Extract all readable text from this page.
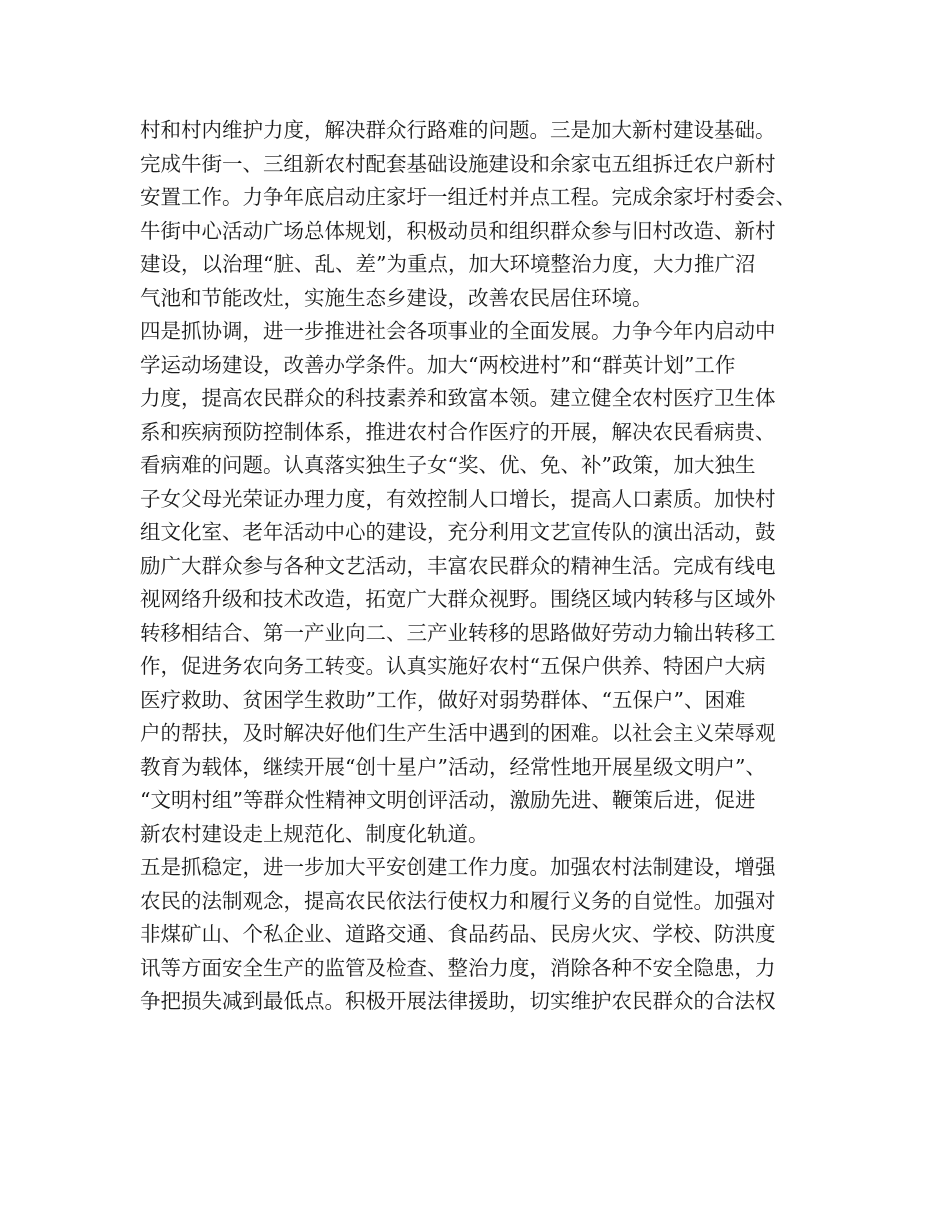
村和村内维护力度，解决群众行路难的问题。三是加大新村建设基础。
完成牛街一、三组新农村配套基础设施建设和余家屯五组拆迁农户新村
安置工作。力争年底启动庄家圩一组迁村并点工程。完成余家圩村委会、
牛街中心活动广场总体规划，积极动员和组织群众参与旧村改造、新村
建设，以治理“脏、乱、差”为重点，加大环境整治力度，大力推广沼
气池和节能改灶，实施生态乡建设，改善农民居住环境。
四是抓协调，进一步推进社会各项事业的全面发展。力争今年内启动中
学运动场建设，改善办学条件。加大“两校进村”和“群英计划”工作
力度，提高农民群众的科技素养和致富本领。建立健全农村医疗卫生体
系和疾病预防控制体系，推进农村合作医疗的开展，解决农民看病贵、
看病难的问题。认真落实独生子女“奖、优、免、补”政策，加大独生
子女父母光荣证办理力度，有效控制人口增长，提高人口素质。加快村
组文化室、老年活动中心的建设，充分利用文艺宣传队的演出活动，鼓
励广大群众参与各种文艺活动，丰富农民群众的精神生活。完成有线电
视网络升级和技术改造，拓宽广大群众视野。围绕区域内转移与区域外
转移相结合、第一产业向二、三产业转移的思路做好劳动力输出转移工
作，促进务农向务工转变。认真实施好农村“五保户供养、特困户大病
医疗救助、贫困学生救助”工作，做好对弱势群体、“五保户”、困难
户的帮扶，及时解决好他们生产生活中遇到的困难。以社会主义荣辱观
教育为载体，继续开展“创十星户”活动，经常性地开展星级文明户”、
“文明村组”等群众性精神文明创评活动，激励先进、鞭策后进，促进
新农村建设走上规范化、制度化轨道。
五是抓稳定，进一步加大平安创建工作力度。加强农村法制建设，增强
农民的法制观念，提高农民依法行使权力和履行义务的自觉性。加强对
非煤矿山、个私企业、道路交通、食品药品、民房火灾、学校、防洪度
讯等方面安全生产的监管及检查、整治力度，消除各种不安全隐患，力
争把损失减到最低点。积极开展法律援助，切实维护农民群众的合法权
